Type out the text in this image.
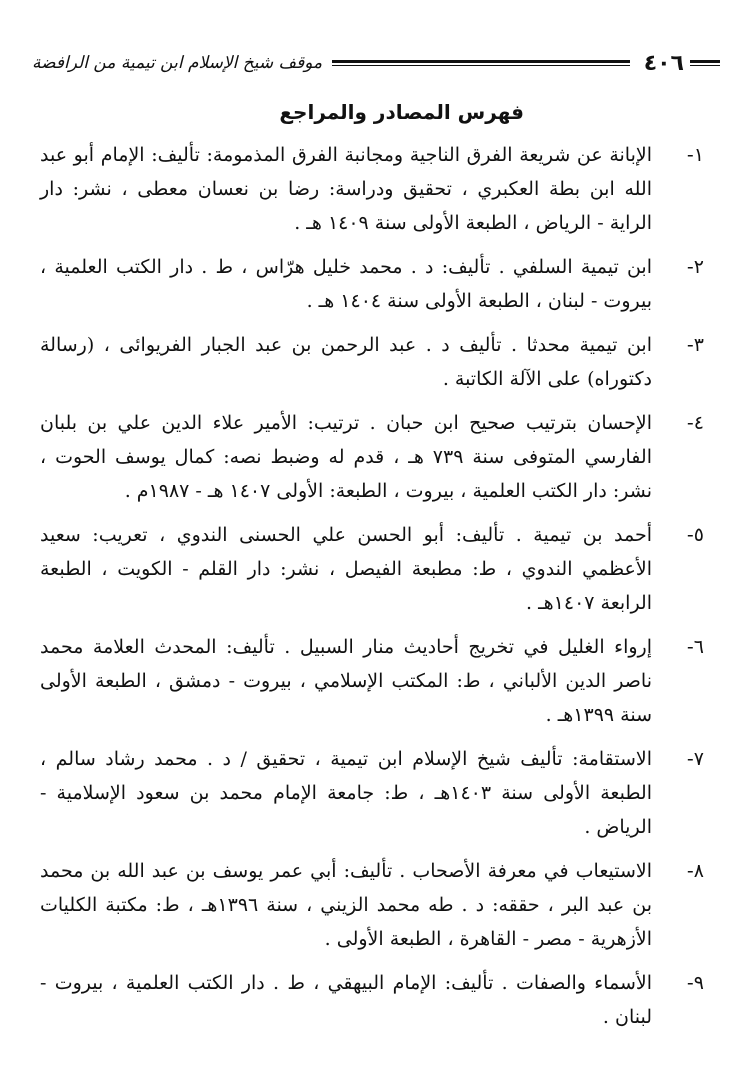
٤٠٦
موقف شيخ الإسلام ابن تيمية من الرافضة
فهرس المصادر والمراجع
١-
الإبانة عن شريعة الفرق الناجية ومجانبة الفرق المذمومة: تأليف: الإمام أبو عبد الله ابن بطة العكبري ، تحقيق ودراسة: رضا بن نعسان معطى ، نشر: دار الراية - الرياض ، الطبعة الأولى سنة ١٤٠٩ هـ .
٢-
ابن تيمية السلفي . تأليف: د . محمد خليل هرّاس ، ط . دار الكتب العلمية ، بيروت - لبنان ، الطبعة الأولى سنة ١٤٠٤ هـ .
٣-
ابن تيمية محدثا . تأليف د . عبد الرحمن بن عبد الجبار الفريوائى ، (رسالة دكتوراه) على الآلة الكاتبة .
٤-
الإحسان بترتيب صحيح ابن حبان . ترتيب: الأمير علاء الدين علي بن بلبان الفارسي المتوفى سنة ٧٣٩ هـ ، قدم له وضبط نصه: كمال يوسف الحوت ، نشر: دار الكتب العلمية ، بيروت ، الطبعة: الأولى ١٤٠٧ هـ - ١٩٨٧م .
٥-
أحمد بن تيمية . تأليف: أبو الحسن علي الحسنى الندوي ، تعريب: سعيد الأعظمي الندوي ، ط: مطبعة الفيصل ، نشر: دار القلم - الكويت ، الطبعة الرابعة ١٤٠٧هـ .
٦-
إرواء الغليل في تخريج أحاديث منار السبيل . تأليف: المحدث العلامة محمد ناصر الدين الألباني ، ط: المكتب الإسلامي ، بيروت - دمشق ، الطبعة الأولى سنة ١٣٩٩هـ .
٧-
الاستقامة: تأليف شيخ الإسلام ابن تيمية ، تحقيق / د . محمد رشاد سالم ، الطبعة الأولى سنة ١٤٠٣هـ ، ط: جامعة الإمام محمد بن سعود الإسلامية - الرياض .
٨-
الاستيعاب في معرفة الأصحاب . تأليف: أبي عمر يوسف بن عبد الله بن محمد بن عبد البر ، حققه: د . طه محمد الزيني ، سنة ١٣٩٦هـ ، ط: مكتبة الكليات الأزهرية - مصر - القاهرة ، الطبعة الأولى .
٩-
الأسماء والصفات . تأليف: الإمام البيهقي ، ط . دار الكتب العلمية ، بيروت - لبنان .
